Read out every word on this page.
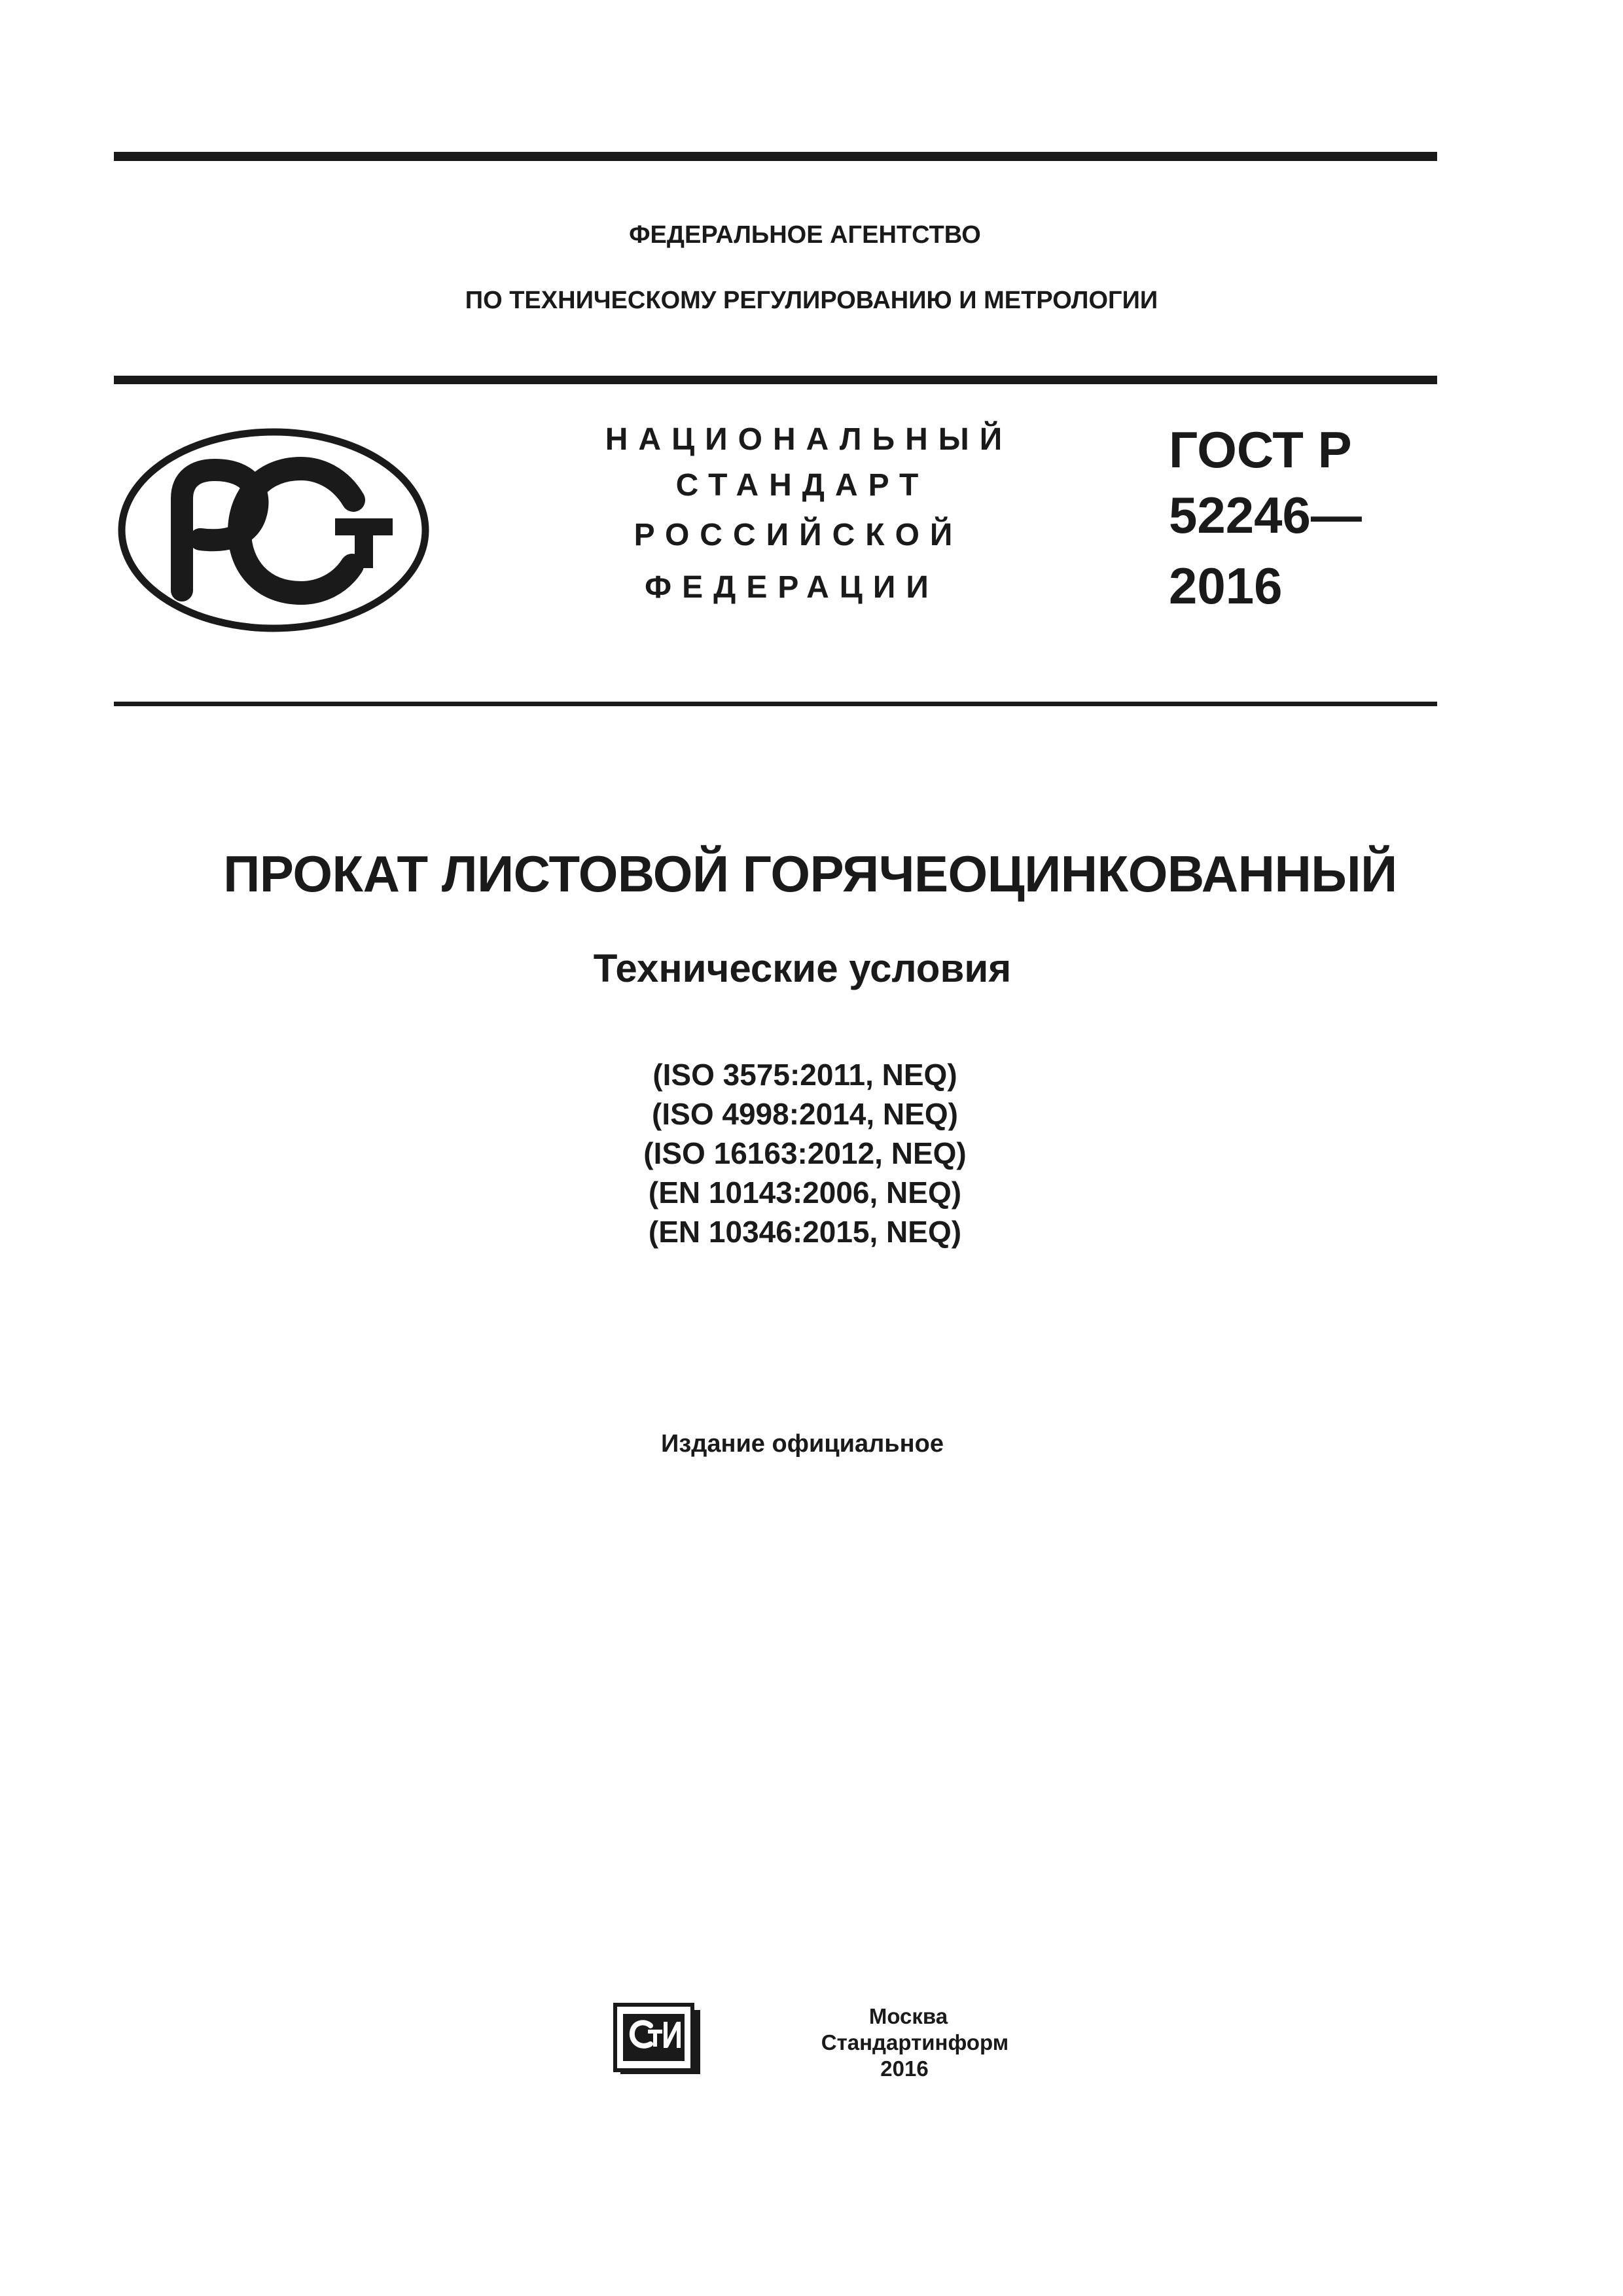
ФЕДЕРАЛЬНОЕ АГЕНТСТВО
ПО ТЕХНИЧЕСКОМУ РЕГУЛИРОВАНИЮ И МЕТРОЛОГИИ
НАЦИОНАЛЬНЫЙ
СТАНДАРТ
РОССИЙСКОЙ
ФЕДЕРАЦИИ
ГОСТ Р
52246—
2016
ПРОКАТ ЛИСТОВОЙ ГОРЯЧЕОЦИНКОВАННЫЙ
Технические условия
(ISO 3575:2011, NEQ)
(ISO 4998:2014, NEQ)
(ISO 16163:2012, NEQ)
(EN 10143:2006, NEQ)
(EN 10346:2015, NEQ)
Издание официальное
Москва
Стандартинформ
2016
